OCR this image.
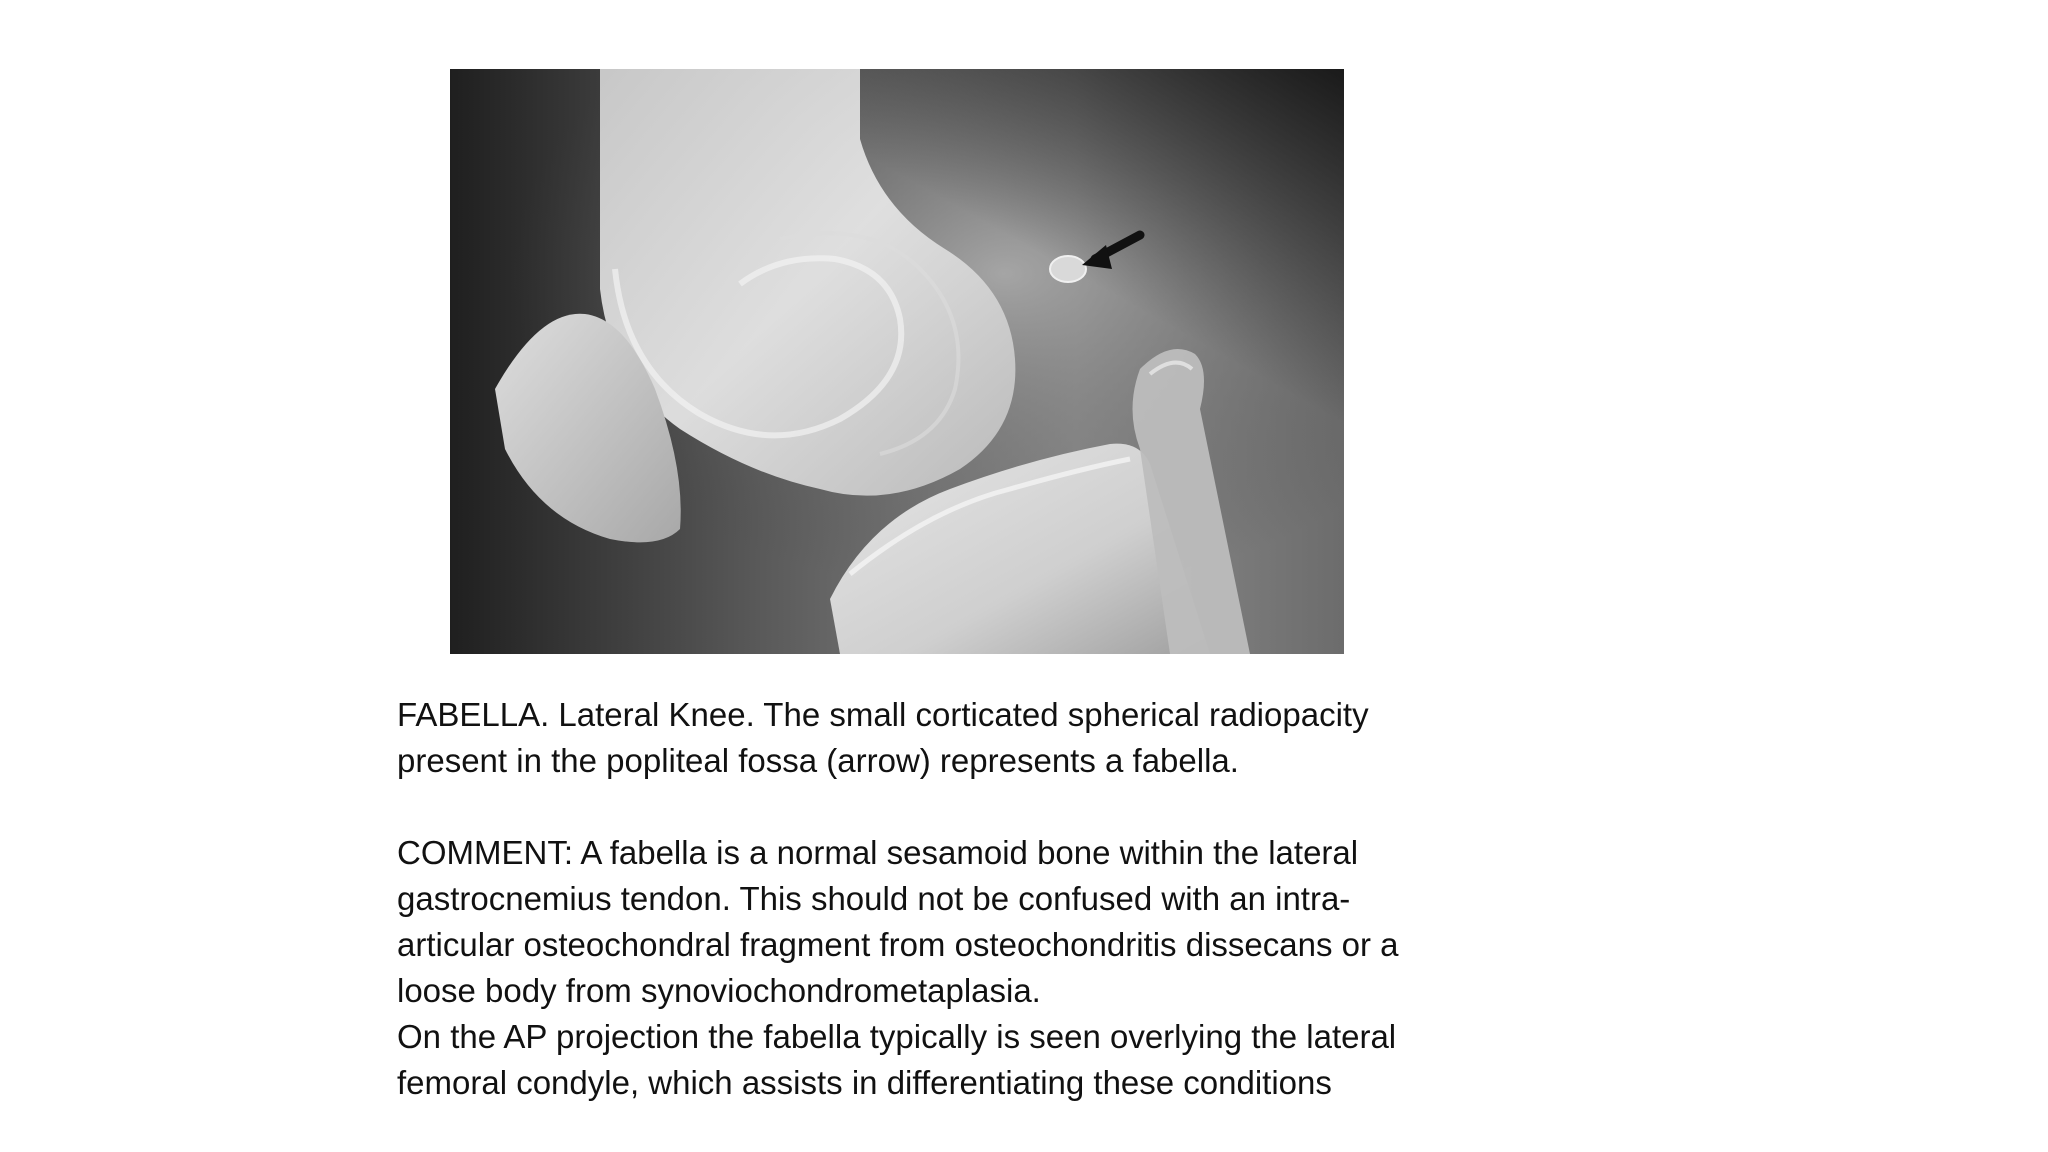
FABELLA. Lateral Knee. The small corticated spherical radiopacity
present in the popliteal fossa (arrow) represents a fabella.
COMMENT: A fabella is a normal sesamoid bone within the lateral
gastrocnemius tendon. This should not be confused with an intra-
articular osteochondral fragment from osteochondritis dissecans or a
loose body from synoviochondrometaplasia.
On the AP projection the fabella typically is seen overlying the lateral
femoral condyle, which assists in differentiating these conditions
